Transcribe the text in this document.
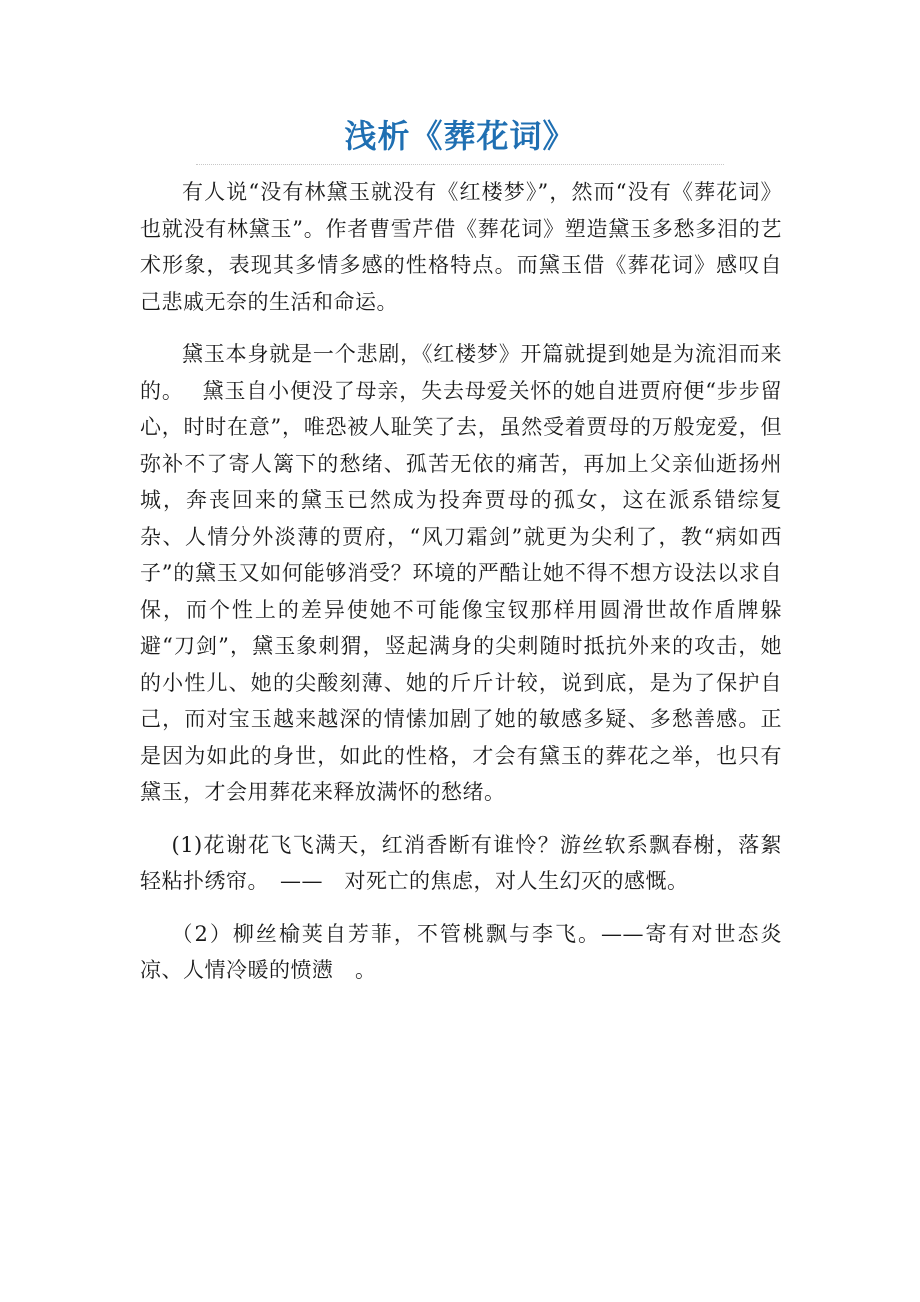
浅析《葬花词》

有人说“没有林黛玉就没有《红楼梦》”，然而“没有《葬花词》也就没有林黛玉”。作者曹雪芹借《葬花词》塑造黛玉多愁多泪的艺术形象，表现其多情多感的性格特点。而黛玉借《葬花词》感叹自己悲戚无奈的生活和命运。

黛玉本身就是一个悲剧，《红楼梦》开篇就提到她是为流泪而来的。　 黛玉自小便没了母亲，失去母爱关怀的她自进贾府便“步步留心，时时在意”，唯恐被人耻笑了去，虽然受着贾母的万般宠爱，但弥补不了寄人篱下的愁绪、孤苦无依的痛苦，再加上父亲仙逝扬州城，奔丧回来的黛玉已然成为投奔贾母的孤女，这在派系错综复杂、人情分外淡薄的贾府，“风刀霜剑”就更为尖利了，教“病如西子”的黛玉又如何能够消受？环境的严酷让她不得不想方设法以求自保，而个性上的差异使她不可能像宝钗那样用圆滑世故作盾牌躲避“刀剑”，黛玉象刺猬，竖起满身的尖刺随时抵抗外来的攻击，她的小性儿、她的尖酸刻薄、她的斤斤计较，说到底，是为了保护自己，而对宝玉越来越深的情愫加剧了她的敏感多疑、多愁善感。正是因为如此的身世，如此的性格，才会有黛玉的葬花之举，也只有黛玉，才会用葬花来释放满怀的愁绪。

(1)花谢花飞飞满天，红消香断有谁怜？游丝软系飘春榭，落絮轻粘扑绣帘。　——　对死亡的焦虑，对人生幻灭的感慨。

（2）柳丝榆荚自芳菲，不管桃飘与李飞。——寄有对世态炎凉、人情冷暖的愤懑　。
